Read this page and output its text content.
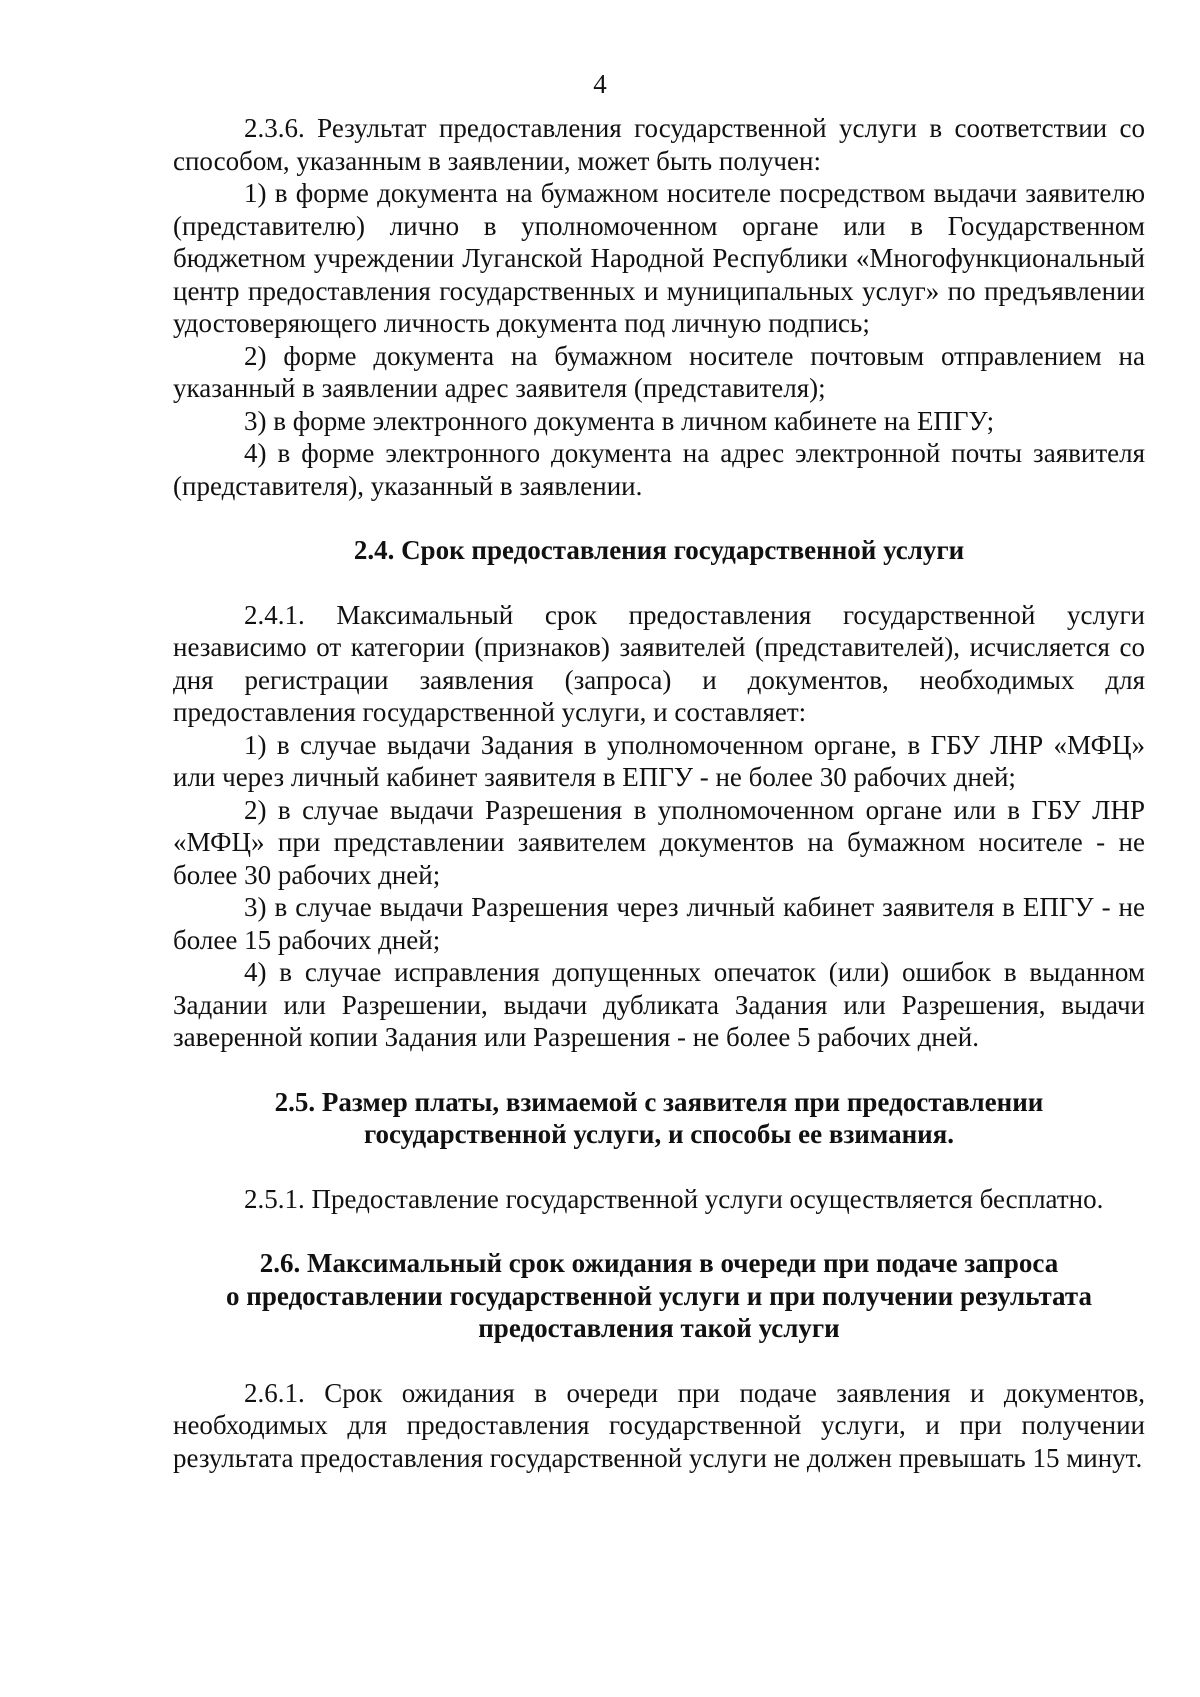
4

2.3.6. Результат предоставления государственной услуги в соответствии со способом, указанным в заявлении, может быть получен:

1) в форме документа на бумажном носителе посредством выдачи заявителю (представителю) лично в уполномоченном органе или в Государственном бюджетном учреждении Луганской Народной Республики «Многофункциональный центр предоставления государственных и муниципальных услуг» по предъявлении удостоверяющего личность документа под личную подпись;

2) форме документа на бумажном носителе почтовым отправлением на указанный в заявлении адрес заявителя (представителя);

3) в форме электронного документа в личном кабинете на ЕПГУ;

4) в форме электронного документа на адрес электронной почты заявителя (представителя), указанный в заявлении.

2.4. Срок предоставления государственной услуги

2.4.1. Максимальный срок предоставления государственной услуги независимо от категории (признаков) заявителей (представителей), исчисляется со дня регистрации заявления (запроса) и документов, необходимых для предоставления государственной услуги, и составляет:

1) в случае выдачи Задания в уполномоченном органе, в ГБУ ЛНР «МФЦ» или через личный кабинет заявителя в ЕПГУ - не более 30 рабочих дней;

2) в случае выдачи Разрешения в уполномоченном органе или в ГБУ ЛНР «МФЦ» при представлении заявителем документов на бумажном носителе - не более 30 рабочих дней;

3) в случае выдачи Разрешения через личный кабинет заявителя в ЕПГУ - не более 15 рабочих дней;

4) в случае исправления допущенных опечаток (или) ошибок в выданном Задании или Разрешении, выдачи дубликата Задания или Разрешения, выдачи заверенной копии Задания или Разрешения - не более 5 рабочих дней.

2.5. Размер платы, взимаемой с заявителя при предоставлении

государственной услуги, и способы ее взимания.

2.5.1. Предоставление государственной услуги осуществляется бесплатно.

2.6. Максимальный срок ожидания в очереди при подаче запроса

о предоставлении государственной услуги и при получении результата

предоставления такой услуги

2.6.1. Срок ожидания в очереди при подаче заявления и документов, необходимых для предоставления государственной услуги, и при получении результата предоставления государственной услуги не должен превышать 15 минут.
